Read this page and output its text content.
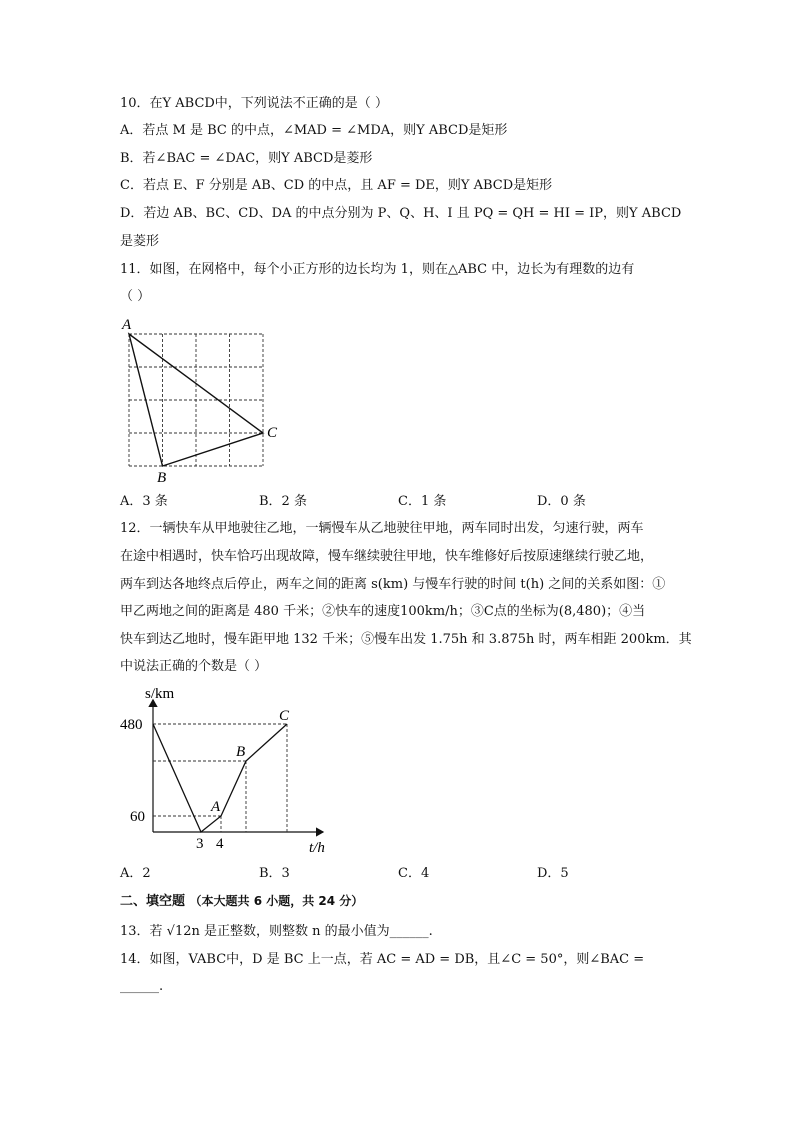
10．在Y ABCD中，下列说法不正确的是（ ）
A．若点 M 是 BC 的中点，∠MAD = ∠MDA，则Y ABCD是矩形
B．若∠BAC = ∠DAC，则Y ABCD是菱形
C．若点 E、F 分别是 AB、CD 的中点，且 AF = DE，则Y ABCD是矩形
D．若边 AB、BC、CD、DA 的中点分别为 P、Q、H、I 且 PQ = QH = HI = IP，则Y ABCD
是菱形
11．如图，在网格中，每个小正方形的边长均为 1，则在△ABC 中，边长为有理数的边有
（ ）
A
B
C
A．3 条	B．2 条	C．1 条	D．0 条
12．一辆快车从甲地驶往乙地，一辆慢车从乙地驶往甲地，两车同时出发，匀速行驶，两车
在途中相遇时，快车恰巧出现故障，慢车继续驶往甲地，快车维修好后按原速继续行驶乙地，
两车到达各地终点后停止，两车之间的距离 s(km) 与慢车行驶的时间 t(h) 之间的关系如图：①
甲乙两地之间的距离是 480 千米；②快车的速度100km/h；③C点的坐标为(8,480)；④当
快车到达乙地时，慢车距甲地 132 千米；⑤慢车出发 1.75h 和 3.875h 时，两车相距 200km．其
中说法正确的个数是（ ）
s/km
480
60
3 4	t/h
A
B
C
A．2	B．3	C．4	D．5
二、填空题 （本大题共 6 小题，共 24 分）
13．若 √12n 是正整数，则整数 n 的最小值为______.
14．如图，VABC中，D 是 BC 上一点，若 AC = AD = DB，且∠C = 50°，则∠BAC =
______.
